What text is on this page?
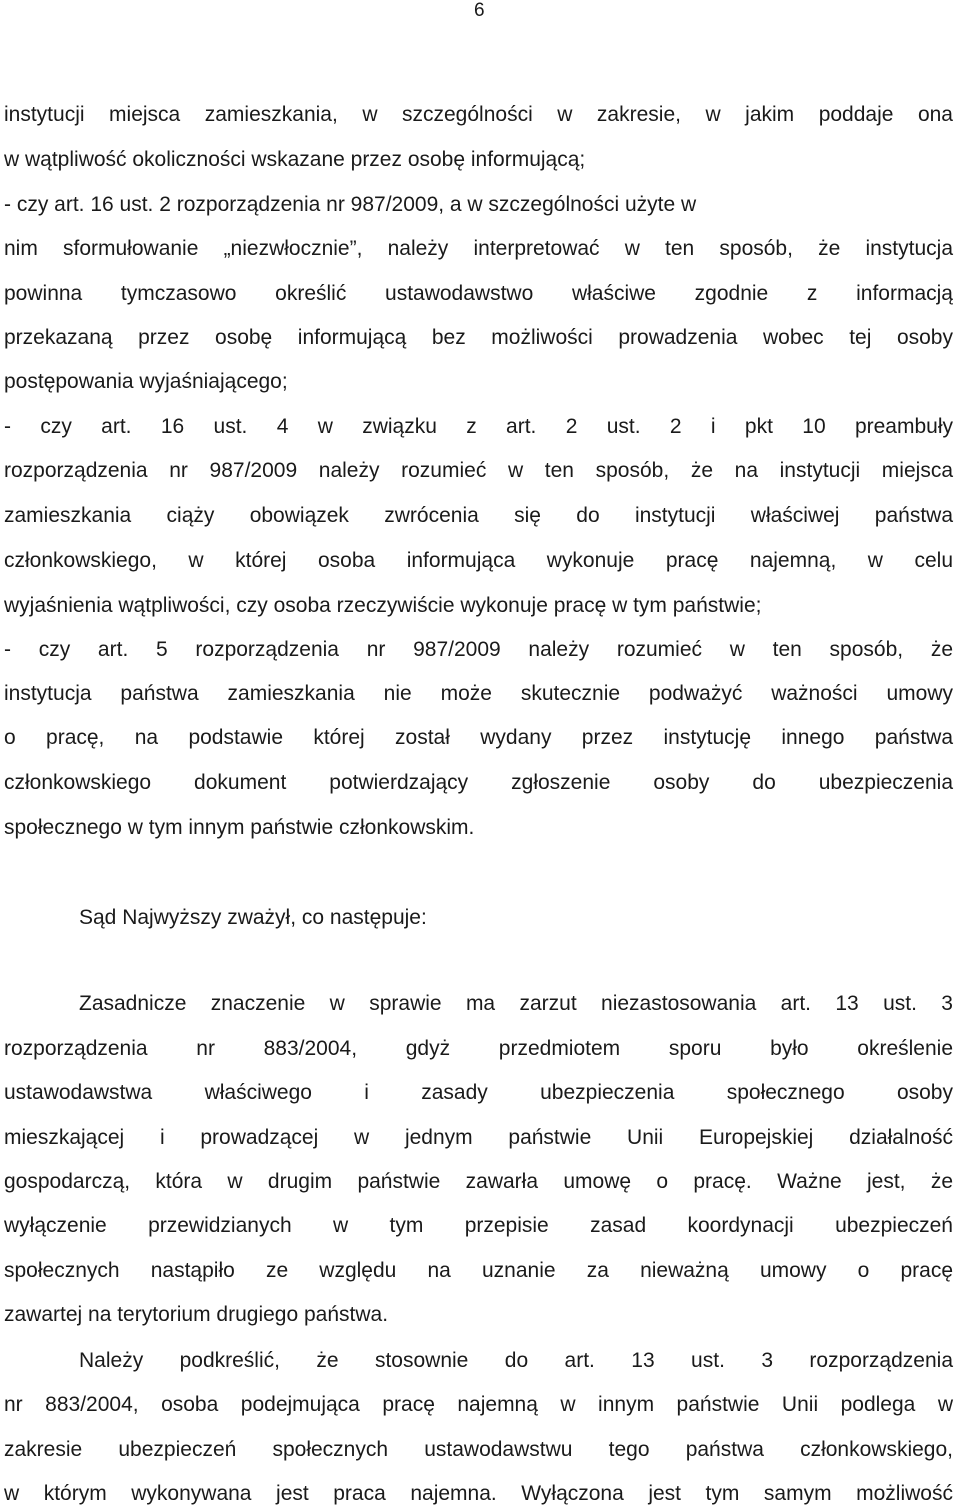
6
instytucji miejsca zamieszkania, w szczególności w zakresie, w jakim poddaje ona
w wątpliwość okoliczności wskazane przez osobę informującą;
- czy art. 16 ust. 2 rozporządzenia nr 987/2009, a w szczególności użyte w
nim sformułowanie „niezwłocznie”, należy interpretować w ten sposób, że instytucja
powinna tymczasowo określić ustawodawstwo właściwe zgodnie z informacją
przekazaną przez osobę informującą bez możliwości prowadzenia wobec tej osoby
postępowania wyjaśniającego;
- czy art. 16 ust. 4 w związku z art. 2 ust. 2 i pkt 10 preambuły
rozporządzenia nr 987/2009 należy rozumieć w ten sposób, że na instytucji miejsca
zamieszkania ciąży obowiązek zwrócenia się do instytucji właściwej państwa
członkowskiego, w której osoba informująca wykonuje pracę najemną, w celu
wyjaśnienia wątpliwości, czy osoba rzeczywiście wykonuje pracę w tym państwie;
- czy art. 5 rozporządzenia nr 987/2009 należy rozumieć w ten sposób, że
instytucja państwa zamieszkania nie może skutecznie podważyć ważności umowy
o pracę, na podstawie której został wydany przez instytucję innego państwa
członkowskiego dokument potwierdzający zgłoszenie osoby do ubezpieczenia
społecznego w tym innym państwie członkowskim.
Sąd Najwyższy zważył, co następuje:
Zasadnicze znaczenie w sprawie ma zarzut niezastosowania art. 13 ust. 3
rozporządzenia nr 883/2004, gdyż przedmiotem sporu było określenie
ustawodawstwa właściwego i zasady ubezpieczenia społecznego osoby
mieszkającej i prowadzącej w jednym państwie Unii Europejskiej działalność
gospodarczą, która w drugim państwie zawarła umowę o pracę. Ważne jest, że
wyłączenie przewidzianych w tym przepisie zasad koordynacji ubezpieczeń
społecznych nastąpiło ze względu na uznanie za nieważną umowy o pracę
zawartej na terytorium drugiego państwa.
Należy podkreślić, że stosownie do art. 13 ust. 3 rozporządzenia
nr 883/2004, osoba podejmująca pracę najemną w innym państwie Unii podlega w
zakresie ubezpieczeń społecznych ustawodawstwu tego państwa członkowskiego,
w którym wykonywana jest praca najemna. Wyłączona jest tym samym możliwość
